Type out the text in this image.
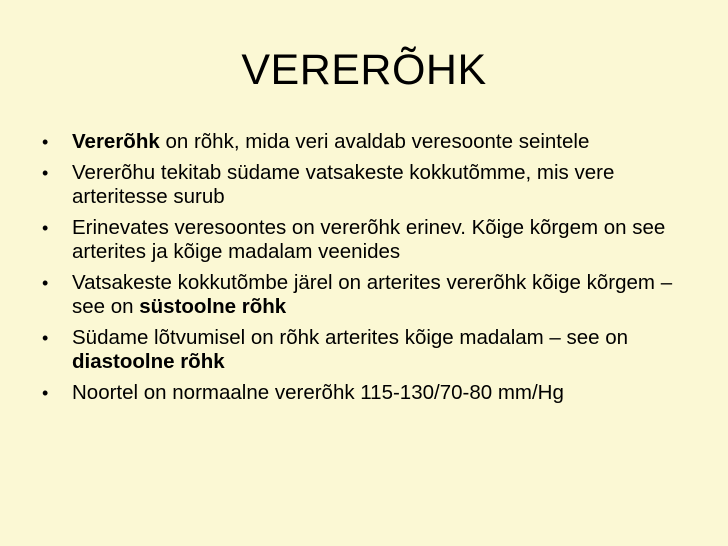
VERERÕHK
• Vererõhk on rõhk, mida veri avaldab veresoonte seintele
• Vererõhu tekitab südame vatsakeste kokkutõmme, mis vere arteritesse surub
• Erinevates veresoontes on vererõhk erinev. Kõige kõrgem on see arterites ja kõige madalam veenides
• Vatsakeste kokkutõmbe järel on arterites vererõhk kõige kõrgem – see on süstoolne rõhk
• Südame lõtvumisel on rõhk arterites kõige madalam – see on diastoolne rõhk
• Noortel on normaalne vererõhk 115-130/70-80 mm/Hg
